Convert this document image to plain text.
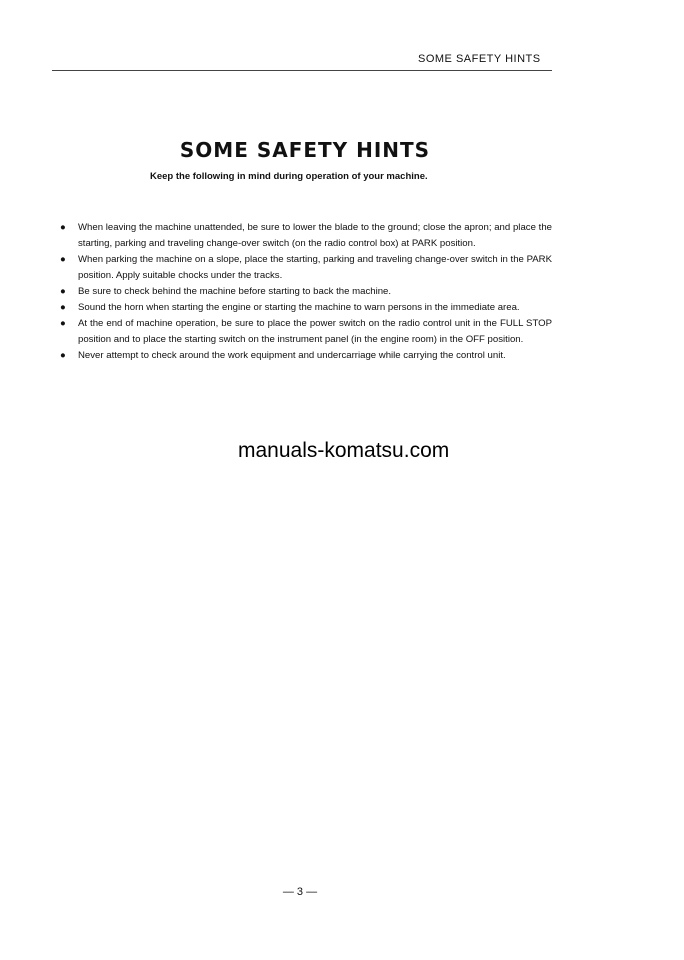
SOME SAFETY HINTS
SOME SAFETY HINTS
Keep the following in mind during operation of your machine.
● When leaving the machine unattended, be sure to lower the blade to the ground; close the apron; and place the starting, parking and traveling change-over switch (on the radio control box) at PARK position.
● When parking the machine on a slope, place the starting, parking and traveling change-over switch in the PARK position. Apply suitable chocks under the tracks.
● Be sure to check behind the machine before starting to back the machine.
● Sound the horn when starting the engine or starting the machine to warn persons in the immediate area.
● At the end of machine operation, be sure to place the power switch on the radio control unit in the FULL STOP position and to place the starting switch on the instrument panel (in the engine room) in the OFF position.
● Never attempt to check around the work equipment and undercarriage while carrying the control unit.
manuals-komatsu.com
— 3 —
